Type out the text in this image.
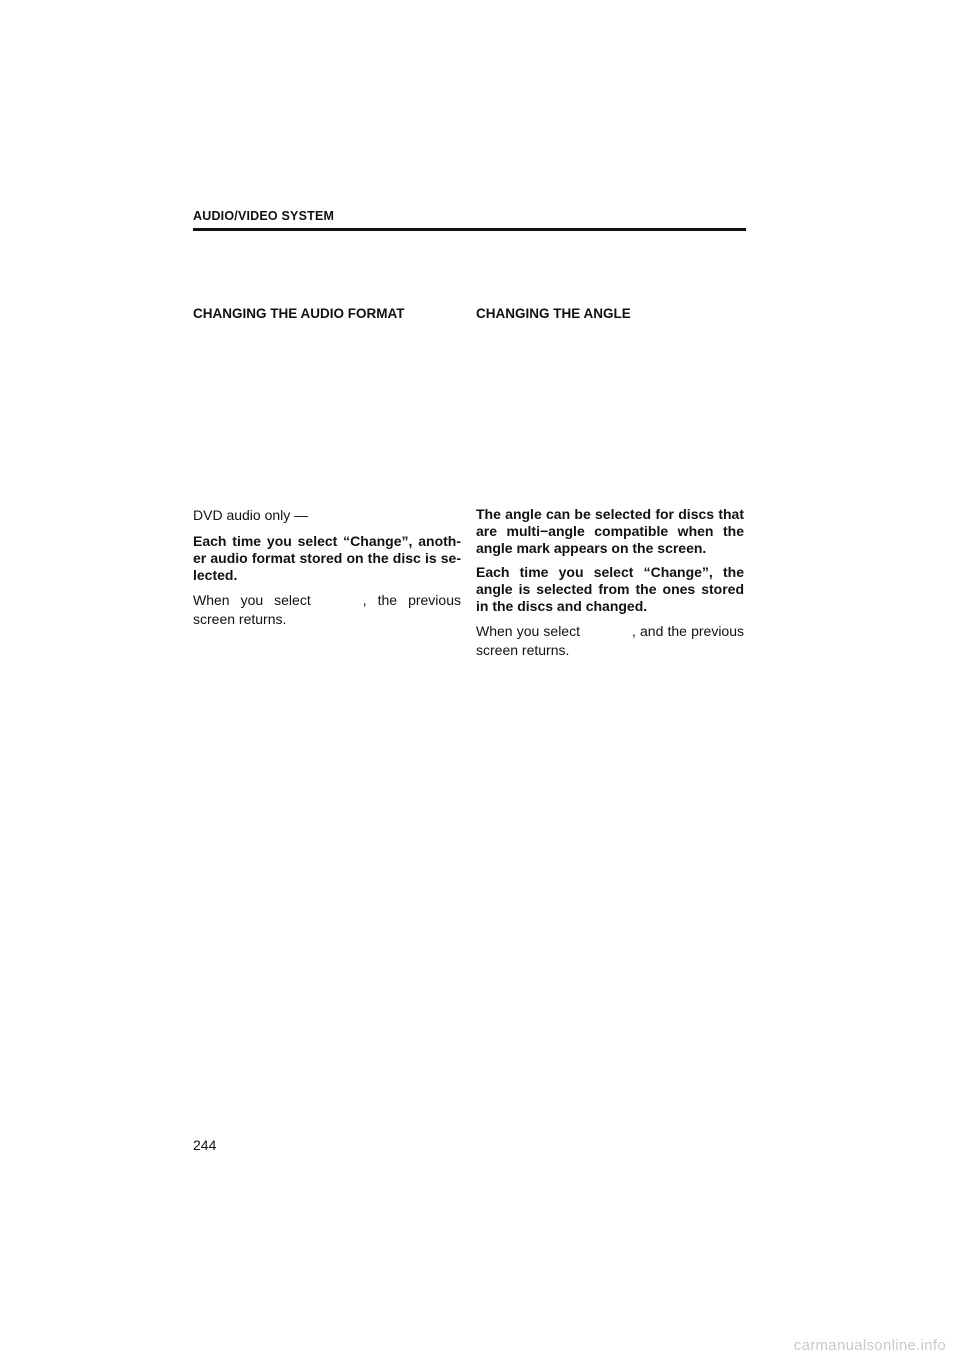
AUDIO/VIDEO SYSTEM
CHANGING THE AUDIO FORMAT

DVD audio only —

Each time you select “Change”, anoth-er audio format stored on the disc is se-lected.

When you select	, the previous screen returns.

CHANGING THE ANGLE

The angle can be selected for discs that are multi−angle compatible when the angle mark appears on the screen.

Each time you select “Change”, the angle is selected from the ones stored in the discs and changed.

When you select	, and the previous screen returns.

244
carmanualsonline.info
